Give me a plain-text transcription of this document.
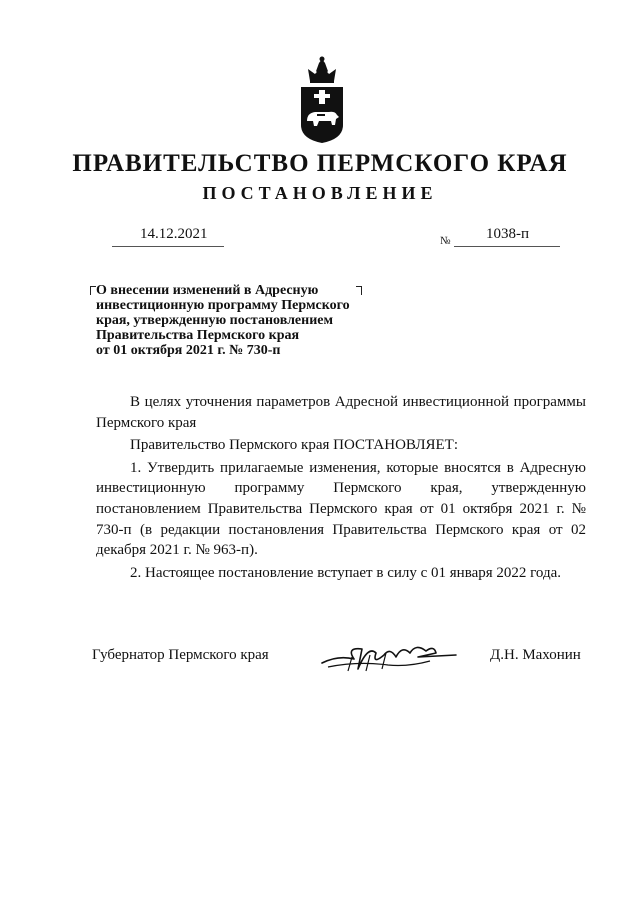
ПРАВИТЕЛЬСТВО ПЕРМСКОГО КРАЯ
ПОСТАНОВЛЕНИЕ
14.12.2021	№ 1038-п
О внесении изменений в Адресную
инвестиционную программу Пермского
края, утвержденную постановлением
Правительства Пермского края
от 01 октября 2021 г. № 730-п

В целях уточнения параметров Адресной инвестиционной программы Пермского края

Правительство Пермского края ПОСТАНОВЛЯЕТ:

1. Утвердить прилагаемые изменения, которые вносятся в Адресную инвестиционную программу Пермского края, утвержденную постановлением Правительства Пермского края от 01 октября 2021 г. № 730-п (в редакции постановления Правительства Пермского края от 02 декабря 2021 г. № 963-п).

2. Настоящее постановление вступает в силу с 01 января 2022 года.

Губернатор Пермского края	Д.Н. Махонин
